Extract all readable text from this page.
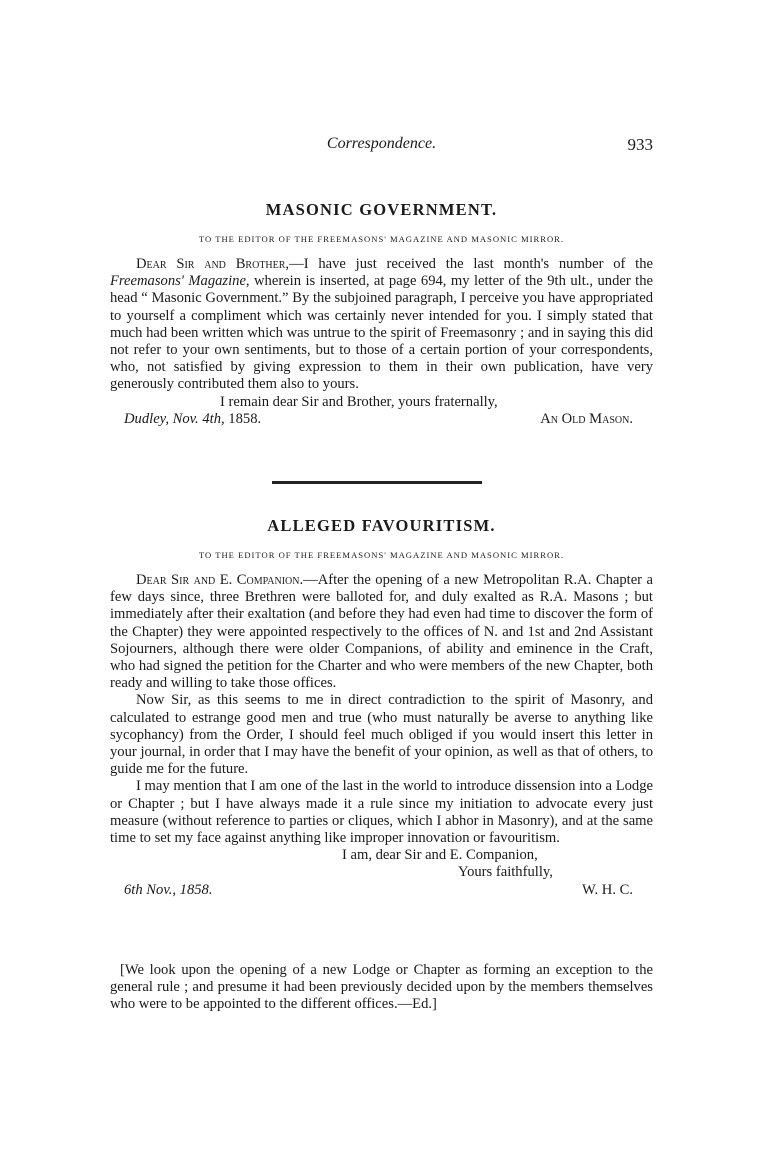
Correspondence.	933
MASONIC GOVERNMENT.

TO THE EDITOR OF THE FREEMASONS' MAGAZINE AND MASONIC MIRROR.

Dear Sir and Brother,—I have just received the last month's number of the Freemasons' Magazine, wherein is inserted, at page 694, my letter of the 9th ult., under the head “ Masonic Government.” By the subjoined paragraph, I perceive you have appropriated to yourself a compliment which was certainly never intended for you. I simply stated that much had been written which was untrue to the spirit of Freemasonry ; and in saying this did not refer to your own sentiments, but to those of a certain portion of your correspondents, who, not satisfied by giving expression to them in their own publication, have very generously contributed them also to yours.

I remain dear Sir and Brother, yours fraternally,

Dudley, Nov. 4th, 1858.	An Old Mason.
ALLEGED FAVOURITISM.

TO THE EDITOR OF THE FREEMASONS' MAGAZINE AND MASONIC MIRROR.

Dear Sir and E. Companion.—After the opening of a new Metropolitan R.A. Chapter a few days since, three Brethren were balloted for, and duly exalted as R.A. Masons ; but immediately after their exaltation (and before they had even had time to discover the form of the Chapter) they were appointed respectively to the offices of N. and 1st and 2nd Assistant Sojourners, although there were older Companions, of ability and eminence in the Craft, who had signed the petition for the Charter and who were members of the new Chapter, both ready and willing to take those offices.

Now Sir, as this seems to me in direct contradiction to the spirit of Masonry, and calculated to estrange good men and true (who must naturally be averse to anything like sycophancy) from the Order, I should feel much obliged if you would insert this letter in your journal, in order that I may have the benefit of your opinion, as well as that of others, to guide me for the future.

I may mention that I am one of the last in the world to introduce dissension into a Lodge or Chapter ; but I have always made it a rule since my initiation to advocate every just measure (without reference to parties or cliques, which I abhor in Masonry), and at the same time to set my face against anything like improper innovation or favouritism.

I am, dear Sir and E. Companion,

Yours faithfully,

6th Nov., 1858.	W. H. C.

[We look upon the opening of a new Lodge or Chapter as forming an exception to the general rule ; and presume it had been previously decided upon by the members themselves who were to be appointed to the different offices.—Ed.]
